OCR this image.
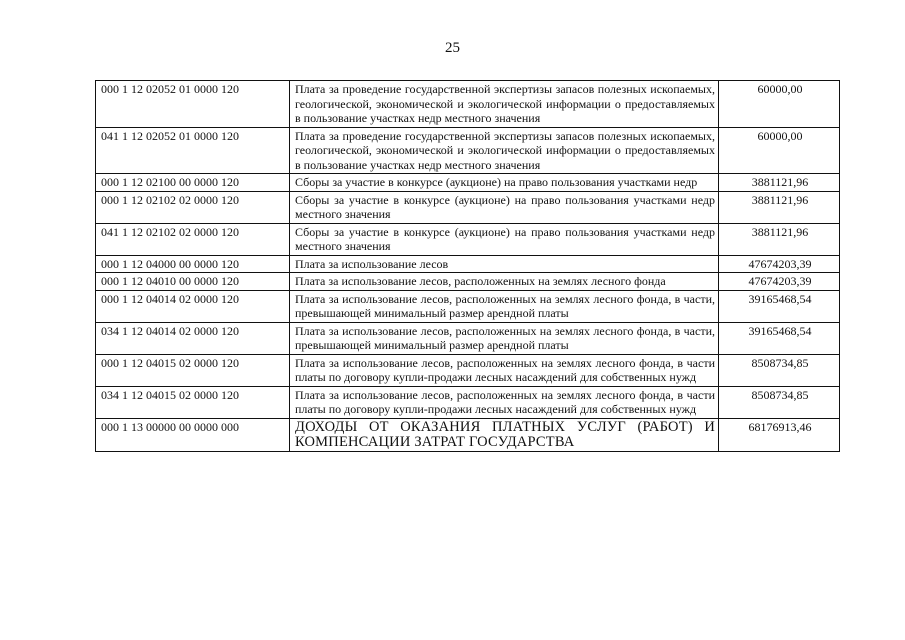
25
000 1 12 02052 01 0000 120	Плата за проведение государственной экспертизы запасов полезных ископаемых, геологической, экономической и экологической информации о предоставляемых в пользование участках недр местного значения	60000,00
041 1 12 02052 01 0000 120	Плата за проведение государственной экспертизы запасов полезных ископаемых, геологической, экономической и экологической информации о предоставляемых в пользование участках недр местного значения	60000,00
000 1 12 02100 00 0000 120	Сборы за участие в конкурсе (аукционе) на право пользования участками недр	3881121,96
000 1 12 02102 02 0000 120	Сборы за участие в конкурсе (аукционе) на право пользования участками недр местного значения	3881121,96
041 1 12 02102 02 0000 120	Сборы за участие в конкурсе (аукционе) на право пользования участками недр местного значения	3881121,96
000 1 12 04000 00 0000 120	Плата за использование лесов	47674203,39
000 1 12 04010 00 0000 120	Плата за использование лесов, расположенных на землях лесного фонда	47674203,39
000 1 12 04014 02 0000 120	Плата за использование лесов, расположенных на землях лесного фонда, в части, превышающей минимальный размер арендной платы	39165468,54
034 1 12 04014 02 0000 120	Плата за использование лесов, расположенных на землях лесного фонда, в части, превышающей минимальный размер арендной платы	39165468,54
000 1 12 04015 02 0000 120	Плата за использование лесов, расположенных на землях лесного фонда, в части платы по договору купли-продажи лесных насаждений для собственных нужд	8508734,85
034 1 12 04015 02 0000 120	Плата за использование лесов, расположенных на землях лесного фонда, в части платы по договору купли-продажи лесных насаждений для собственных нужд	8508734,85
000 1 13 00000 00 0000 000	ДОХОДЫ ОТ ОКАЗАНИЯ ПЛАТНЫХ УСЛУГ (РАБОТ) И КОМПЕНСАЦИИ ЗАТРАТ ГОСУДАРСТВА	68176913,46
